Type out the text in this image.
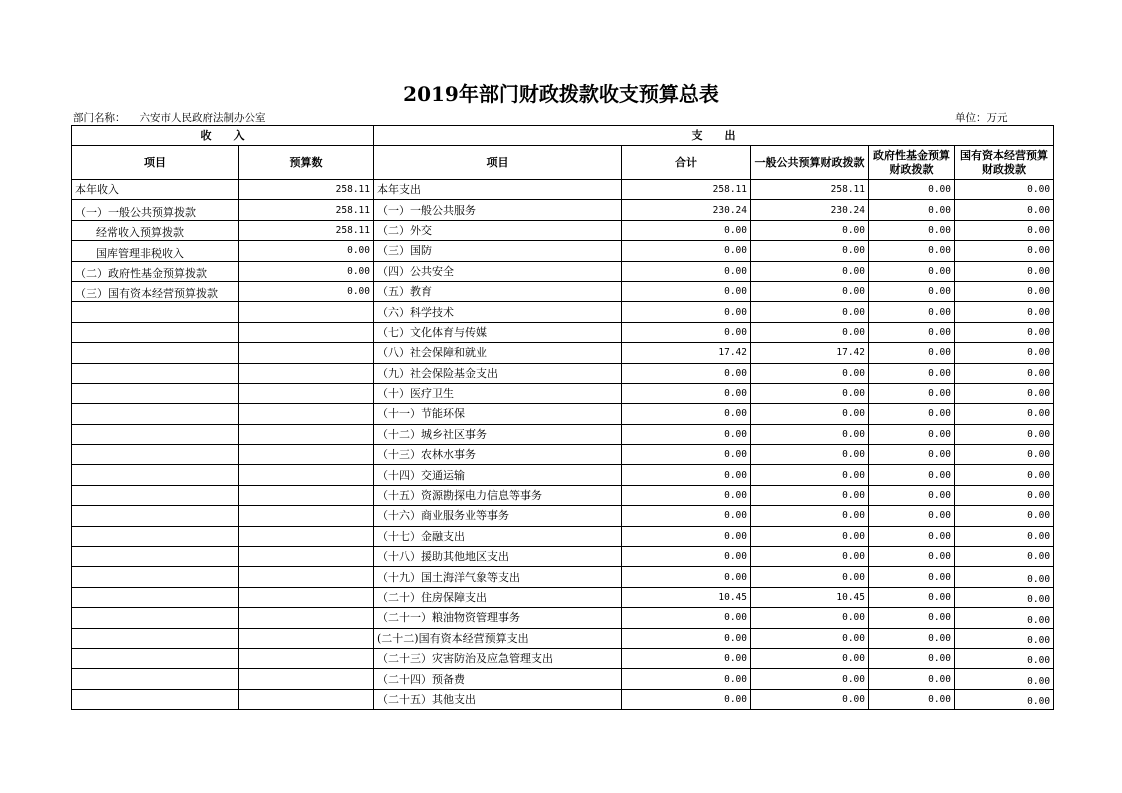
2019年部门财政拨款收支预算总表
部门名称： 六安市人民政府法制办公室	单位：万元
收　　入		支　　出				
项目	预算数	项目	合计	一般公共预算财政拨款	政府性基金预算财政拨款	国有资本经营预算财政拨款
本年收入	258.11	本年支出	258.11	258.11	0.00	0.00
（一）一般公共预算拨款	258.11	（一）一般公共服务	230.24	230.24	0.00	0.00
经常收入预算拨款	258.11	（二）外交	0.00	0.00	0.00	0.00
国库管理非税收入	0.00	（三）国防	0.00	0.00	0.00	0.00
（二）政府性基金预算拨款	0.00	（四）公共安全	0.00	0.00	0.00	0.00
（三）国有资本经营预算拨款	0.00	（五）教育	0.00	0.00	0.00	0.00
		（六）科学技术	0.00	0.00	0.00	0.00
		（七）文化体育与传媒	0.00	0.00	0.00	0.00
		（八）社会保障和就业	17.42	17.42	0.00	0.00
		（九）社会保险基金支出	0.00	0.00	0.00	0.00
		（十）医疗卫生	0.00	0.00	0.00	0.00
		（十一）节能环保	0.00	0.00	0.00	0.00
		（十二）城乡社区事务	0.00	0.00	0.00	0.00
		（十三）农林水事务	0.00	0.00	0.00	0.00
		（十四）交通运输	0.00	0.00	0.00	0.00
		（十五）资源勘探电力信息等事务	0.00	0.00	0.00	0.00
		（十六）商业服务业等事务	0.00	0.00	0.00	0.00
		（十七）金融支出	0.00	0.00	0.00	0.00
		（十八）援助其他地区支出	0.00	0.00	0.00	0.00
		（十九）国土海洋气象等支出	0.00	0.00	0.00	0.00
		（二十）住房保障支出	10.45	10.45	0.00	0.00
		（二十一）粮油物资管理事务	0.00	0.00	0.00	0.00
		(二十二)国有资本经营预算支出	0.00	0.00	0.00	0.00
		（二十三）灾害防治及应急管理支出	0.00	0.00	0.00	0.00
		（二十四）预备费	0.00	0.00	0.00	0.00
		（二十五）其他支出	0.00	0.00	0.00	0.00
